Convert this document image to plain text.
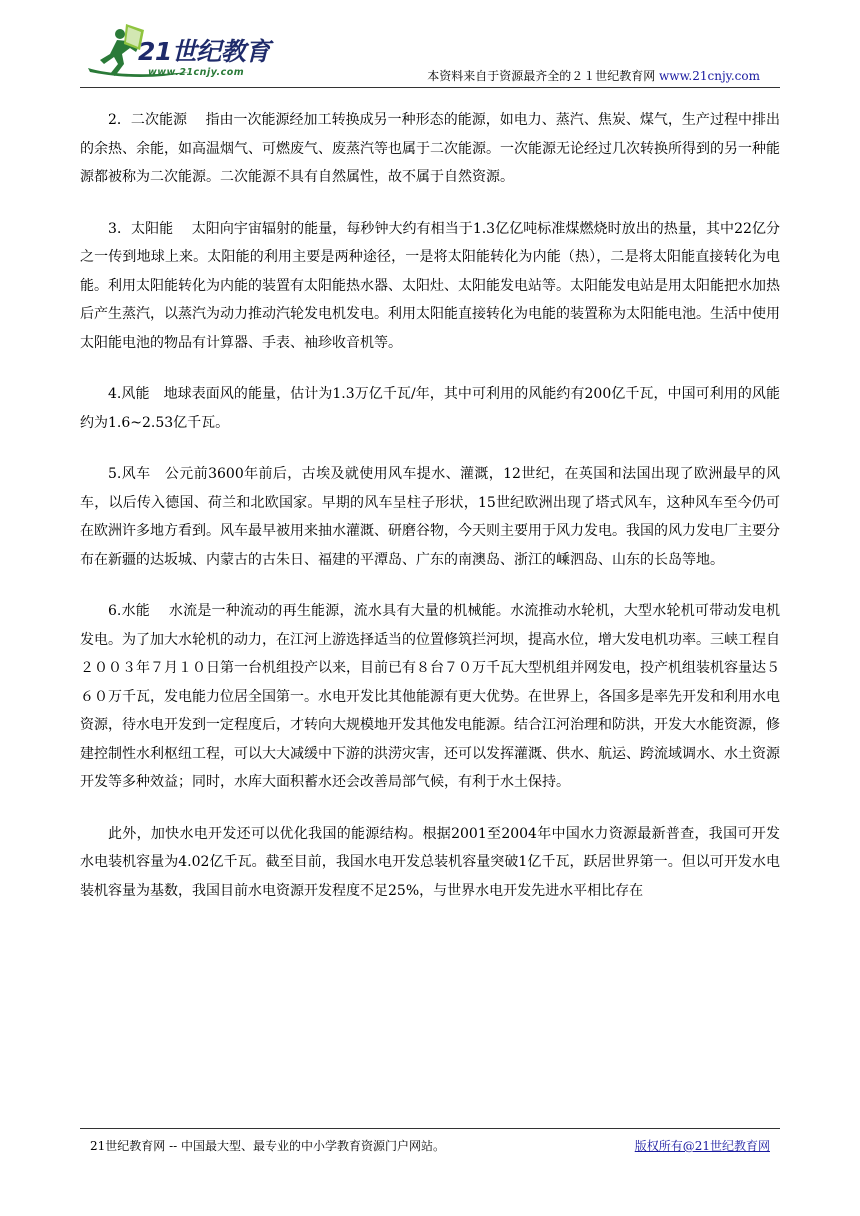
21世纪教育
www.21cnjy.com	本资料来自于资源最齐全的２１世纪教育网 www.21cnjy.com

2．二次能源　 指由一次能源经加工转换成另一种形态的能源，如电力、蒸汽、焦炭、煤气，生产过程中排出的余热、余能，如高温烟气、可燃废气、废蒸汽等也属于二次能源。一次能源无论经过几次转换所得到的另一种能源都被称为二次能源。二次能源不具有自然属性，故不属于自然资源。

3．太阳能　 太阳向宇宙辐射的能量，每秒钟大约有相当于1.3亿亿吨标准煤燃烧时放出的热量，其中22亿分之一传到地球上来。太阳能的利用主要是两种途径，一是将太阳能转化为内能（热），二是将太阳能直接转化为电能。利用太阳能转化为内能的装置有太阳能热水器、太阳灶、太阳能发电站等。太阳能发电站是用太阳能把水加热后产生蒸汽，以蒸汽为动力推动汽轮发电机发电。利用太阳能直接转化为电能的装置称为太阳能电池。生活中使用太阳能电池的物品有计算器、手表、袖珍收音机等。

4.风能　地球表面风的能量，估计为1.3万亿千瓦/年，其中可利用的风能约有200亿千瓦，中国可利用的风能约为1.6~2.53亿千瓦。

5.风车　公元前3600年前后，古埃及就使用风车提水、灌溉，12世纪，在英国和法国出现了欧洲最早的风车，以后传入德国、荷兰和北欧国家。早期的风车呈柱子形状，15世纪欧洲出现了塔式风车，这种风车至今仍可在欧洲许多地方看到。风车最早被用来抽水灌溉、研磨谷物，今天则主要用于风力发电。我国的风力发电厂主要分布在新疆的达坂城、内蒙古的古朱日、福建的平潭岛、广东的南澳岛、浙江的嵊泗岛、山东的长岛等地。

6.水能　 水流是一种流动的再生能源，流水具有大量的机械能。水流推动水轮机，大型水轮机可带动发电机发电。为了加大水轮机的动力，在江河上游选择适当的位置修筑拦河坝，提高水位，增大发电机功率。三峡工程自２００３年７月１０日第一台机组投产以来，目前已有８台７０万千瓦大型机组并网发电，投产机组装机容量达５６０万千瓦，发电能力位居全国第一。水电开发比其他能源有更大优势。在世界上，各国多是率先开发和利用水电资源，待水电开发到一定程度后，才转向大规模地开发其他发电能源。结合江河治理和防洪，开发大水能资源，修建控制性水利枢纽工程，可以大大减缓中下游的洪涝灾害，还可以发挥灌溉、供水、航运、跨流域调水、水土资源开发等多种效益；同时，水库大面积蓄水还会改善局部气候，有利于水土保持。

此外，加快水电开发还可以优化我国的能源结构。根据2001至2004年中国水力资源最新普查，我国可开发水电装机容量为4.02亿千瓦。截至目前，我国水电开发总装机容量突破1亿千瓦，跃居世界第一。但以可开发水电装机容量为基数，我国目前水电资源开发程度不足25%，与世界水电开发先进水平相比存在

21世纪教育网 -- 中国最大型、最专业的中小学教育资源门户网站。	版权所有@21世纪教育网
